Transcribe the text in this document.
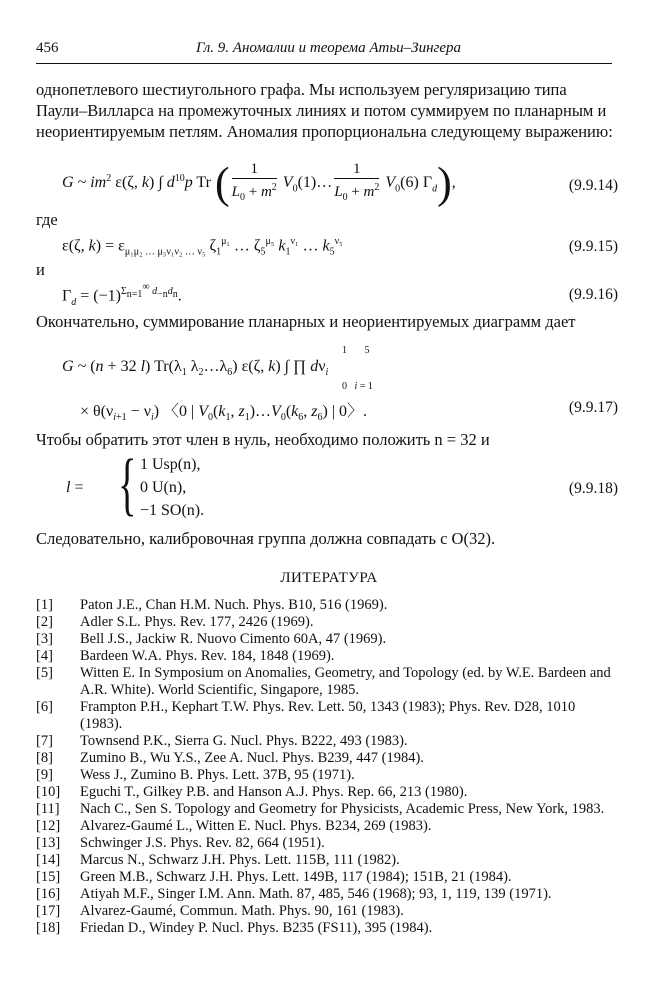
456	Гл. 9. Аномалии и теорема Атьи–Зингера

однопетлевого шестиугольного графа. Мы используем регуляризацию типа Паули–Вилларса на промежуточных линиях и потом суммируем по планарным и неориентируемым петлям. Аномалия пропорциональна следующему выражению:

G ~ $im^2$ ε(ζ, k) ∫ $d^{10}p$ Tr ( $\frac{1}{L_0 + m^2}$ $V_0(1)\dots \frac{1}{L_0 + m^2} V_0(6)$ $\Gamma_d$),	(9.9.14)
где
ε(ζ, $k) = \varepsilon_{\mu_1\mu_2 \dots \mu_5\nu_1\nu_2 \dots \nu_5}$ $\zeta_1^{\mu_1}$ … $\zeta_5^{\mu_5}$ $k_1^{\nu_1}$ … $k_5^{\nu_5}$	(9.9.15)
и
$\Gamma_d = (-1)^{\Sigma_{n=1}^\infty d_{-n}d_n}$.	(9.9.16)

Окончательно, суммирование планарных и неориентируемых диаграмм дает

G ~ (n + 32 l) $Tr(\lambda_1$ $\lambda_2\dots\lambda_6$) ε(ζ, k) ∫ ∏ $d\nu_i$
1       5
0   i = 1
× $\theta(\nu_{i+1} - \nu_i)$ 〈0 | $V_0(k_1$, $z_1)\dots V_0(k_6$, $z_6$) | 0〉.	(9.9.17)

Чтобы обратить этот член в нуль, необходимо положить n = 32 и

l = { 1 Usp(n),
0 U(n),
−1 SO(n).
(9.9.18)

Следовательно, калибровочная группа должна совпадать с O(32).

ЛИТЕРАТУРА
[1] Paton J.E., Chan H.M. Nuch. Phys. B10, 516 (1969).
[2] Adler S.L. Phys. Rev. 177, 2426 (1969).
[3] Bell J.S., Jackiw R. Nuovo Cimento 60A, 47 (1969).
[4] Bardeen W.A. Phys. Rev. 184, 1848 (1969).
[5] Witten E. In Symposium on Anomalies, Geometry, and Topology (ed. by W.E. Bardeen and A.R. White). World Scientific, Singapore, 1985.
[6] Frampton P.H., Kephart T.W. Phys. Rev. Lett. 50, 1343 (1983); Phys. Rev. D28, 1010 (1983).
[7] Townsend P.K., Sierra G. Nucl. Phys. B222, 493 (1983).
[8] Zumino B., Wu Y.S., Zee A. Nucl. Phys. B239, 447 (1984).
[9] Wess J., Zumino B. Phys. Lett. 37B, 95 (1971).
[10] Eguchi T., Gilkey P.B. and Hanson A.J. Phys. Rep. 66, 213 (1980).
[11] Nach C., Sen S. Topology and Geometry for Physicists, Academic Press, New York, 1983.
[12] Alvarez-Gaumé L., Witten E. Nucl. Phys. B234, 269 (1983).
[13] Schwinger J.S. Phys. Rev. 82, 664 (1951).
[14] Marcus N., Schwarz J.H. Phys. Lett. 115B, 111 (1982).
[15] Green M.B., Schwarz J.H. Phys. Lett. 149B, 117 (1984); 151B, 21 (1984).
[16] Atiyah M.F., Singer I.M. Ann. Math. 87, 485, 546 (1968); 93, 1, 119, 139 (1971).
[17] Alvarez-Gaumé, Commun. Math. Phys. 90, 161 (1983).
[18] Friedan D., Windey P. Nucl. Phys. B235 (FS11), 395 (1984).
